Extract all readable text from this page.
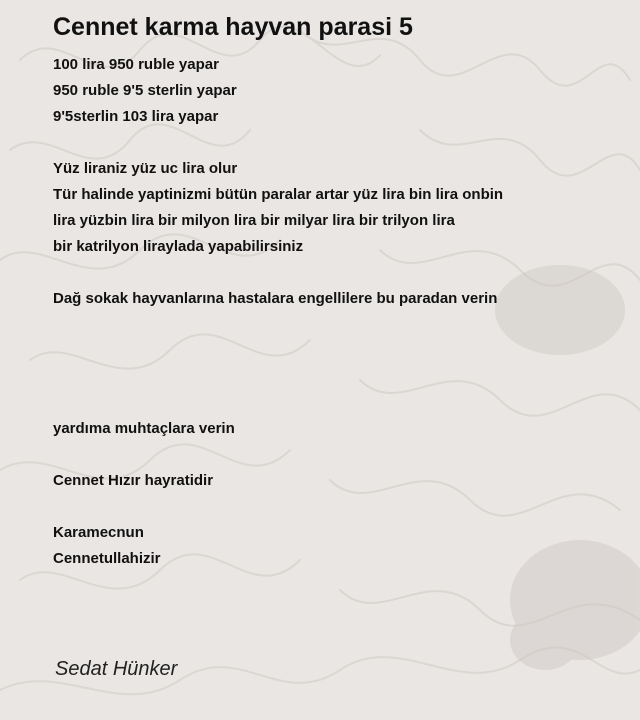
Cennet karma hayvan parasi 5
100 lira 950 ruble yapar
950 ruble 9'5 sterlin yapar
9'5sterlin 103 lira yapar
Yüz liraniz yüz uc lira olur
Tür halinde yaptinizmi bütün paralar artar yüz lira bin lira onbin
lira yüzbin lira bir milyon lira bir milyar lira bir trilyon lira
bir katrilyon liraylada yapabilirsiniz
Dağ sokak hayvanlarına hastalara engellilere bu paradan verin
yardıma muhtaçlara verin
Cennet Hızır hayratidir
Karamecnun
Cennetullahizir
Sedat Hünker
